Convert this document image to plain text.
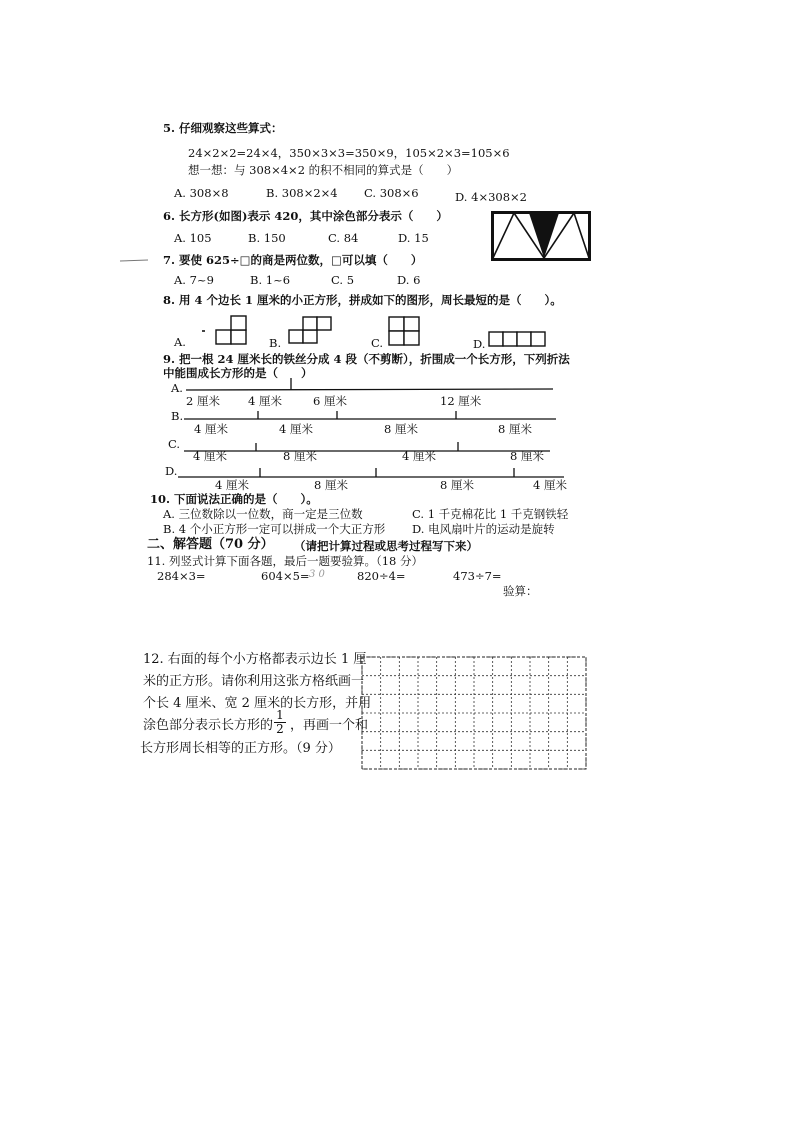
5. 仔细观察这些算式：
24×2×2=24×4，350×3×3=350×9，105×2×3=105×6
想一想：与 308×4×2 的积不相同的算式是（　　）
A. 308×8	B. 308×2×4 C. 308×6	D. 4×308×2
6. 长方形(如图)表示 420，其中涂色部分表示（　　）
A. 105	B. 150	C. 84	D. 15
7. 要使 625÷□的商是两位数，□可以填（　　）
A. 7~9	B. 1~6	C. 5	D. 6
8. 用 4 个边长 1 厘米的小正方形，拼成如下的图形，周长最短的是（　　）。
A.	B.	C.	D.
9. 把一根 24 厘米长的铁丝分成 4 段（不剪断），折围成一个长方形，下列折法
中能围成长方形的是（　　）
A.
2 厘米 4 厘米	6 厘米	12 厘米
B.
4 厘米	4 厘米	8 厘米	8 厘米
C.
4 厘米	8 厘米	4 厘米	8 厘米
D.
4 厘米	8 厘米	8 厘米	4 厘米
10. 下面说法正确的是（　　）。
A. 三位数除以一位数，商一定是三位数	C. 1 千克棉花比 1 千克钢铁轻
B. 4 个小正方形一定可以拼成一个大正方形 D. 电风扇叶片的运动是旋转
二、解答题（70 分） （请把计算过程或思考过程写下来）
11. 列竖式计算下面各题，最后一题要验算。（18 分）
284×3=	604×5= 3 0	820÷4=	473÷7=
验算：
12. 右面的每个小方格都表示边长 1 厘
米的正方形。请你利用这张方格纸画一
个长 4 厘米、宽 2 厘米的长方形，并用
涂色部分表示长方形的 $\frac{1}{2}$ ，再画一个和
长方形周长相等的正方形。（9 分）
